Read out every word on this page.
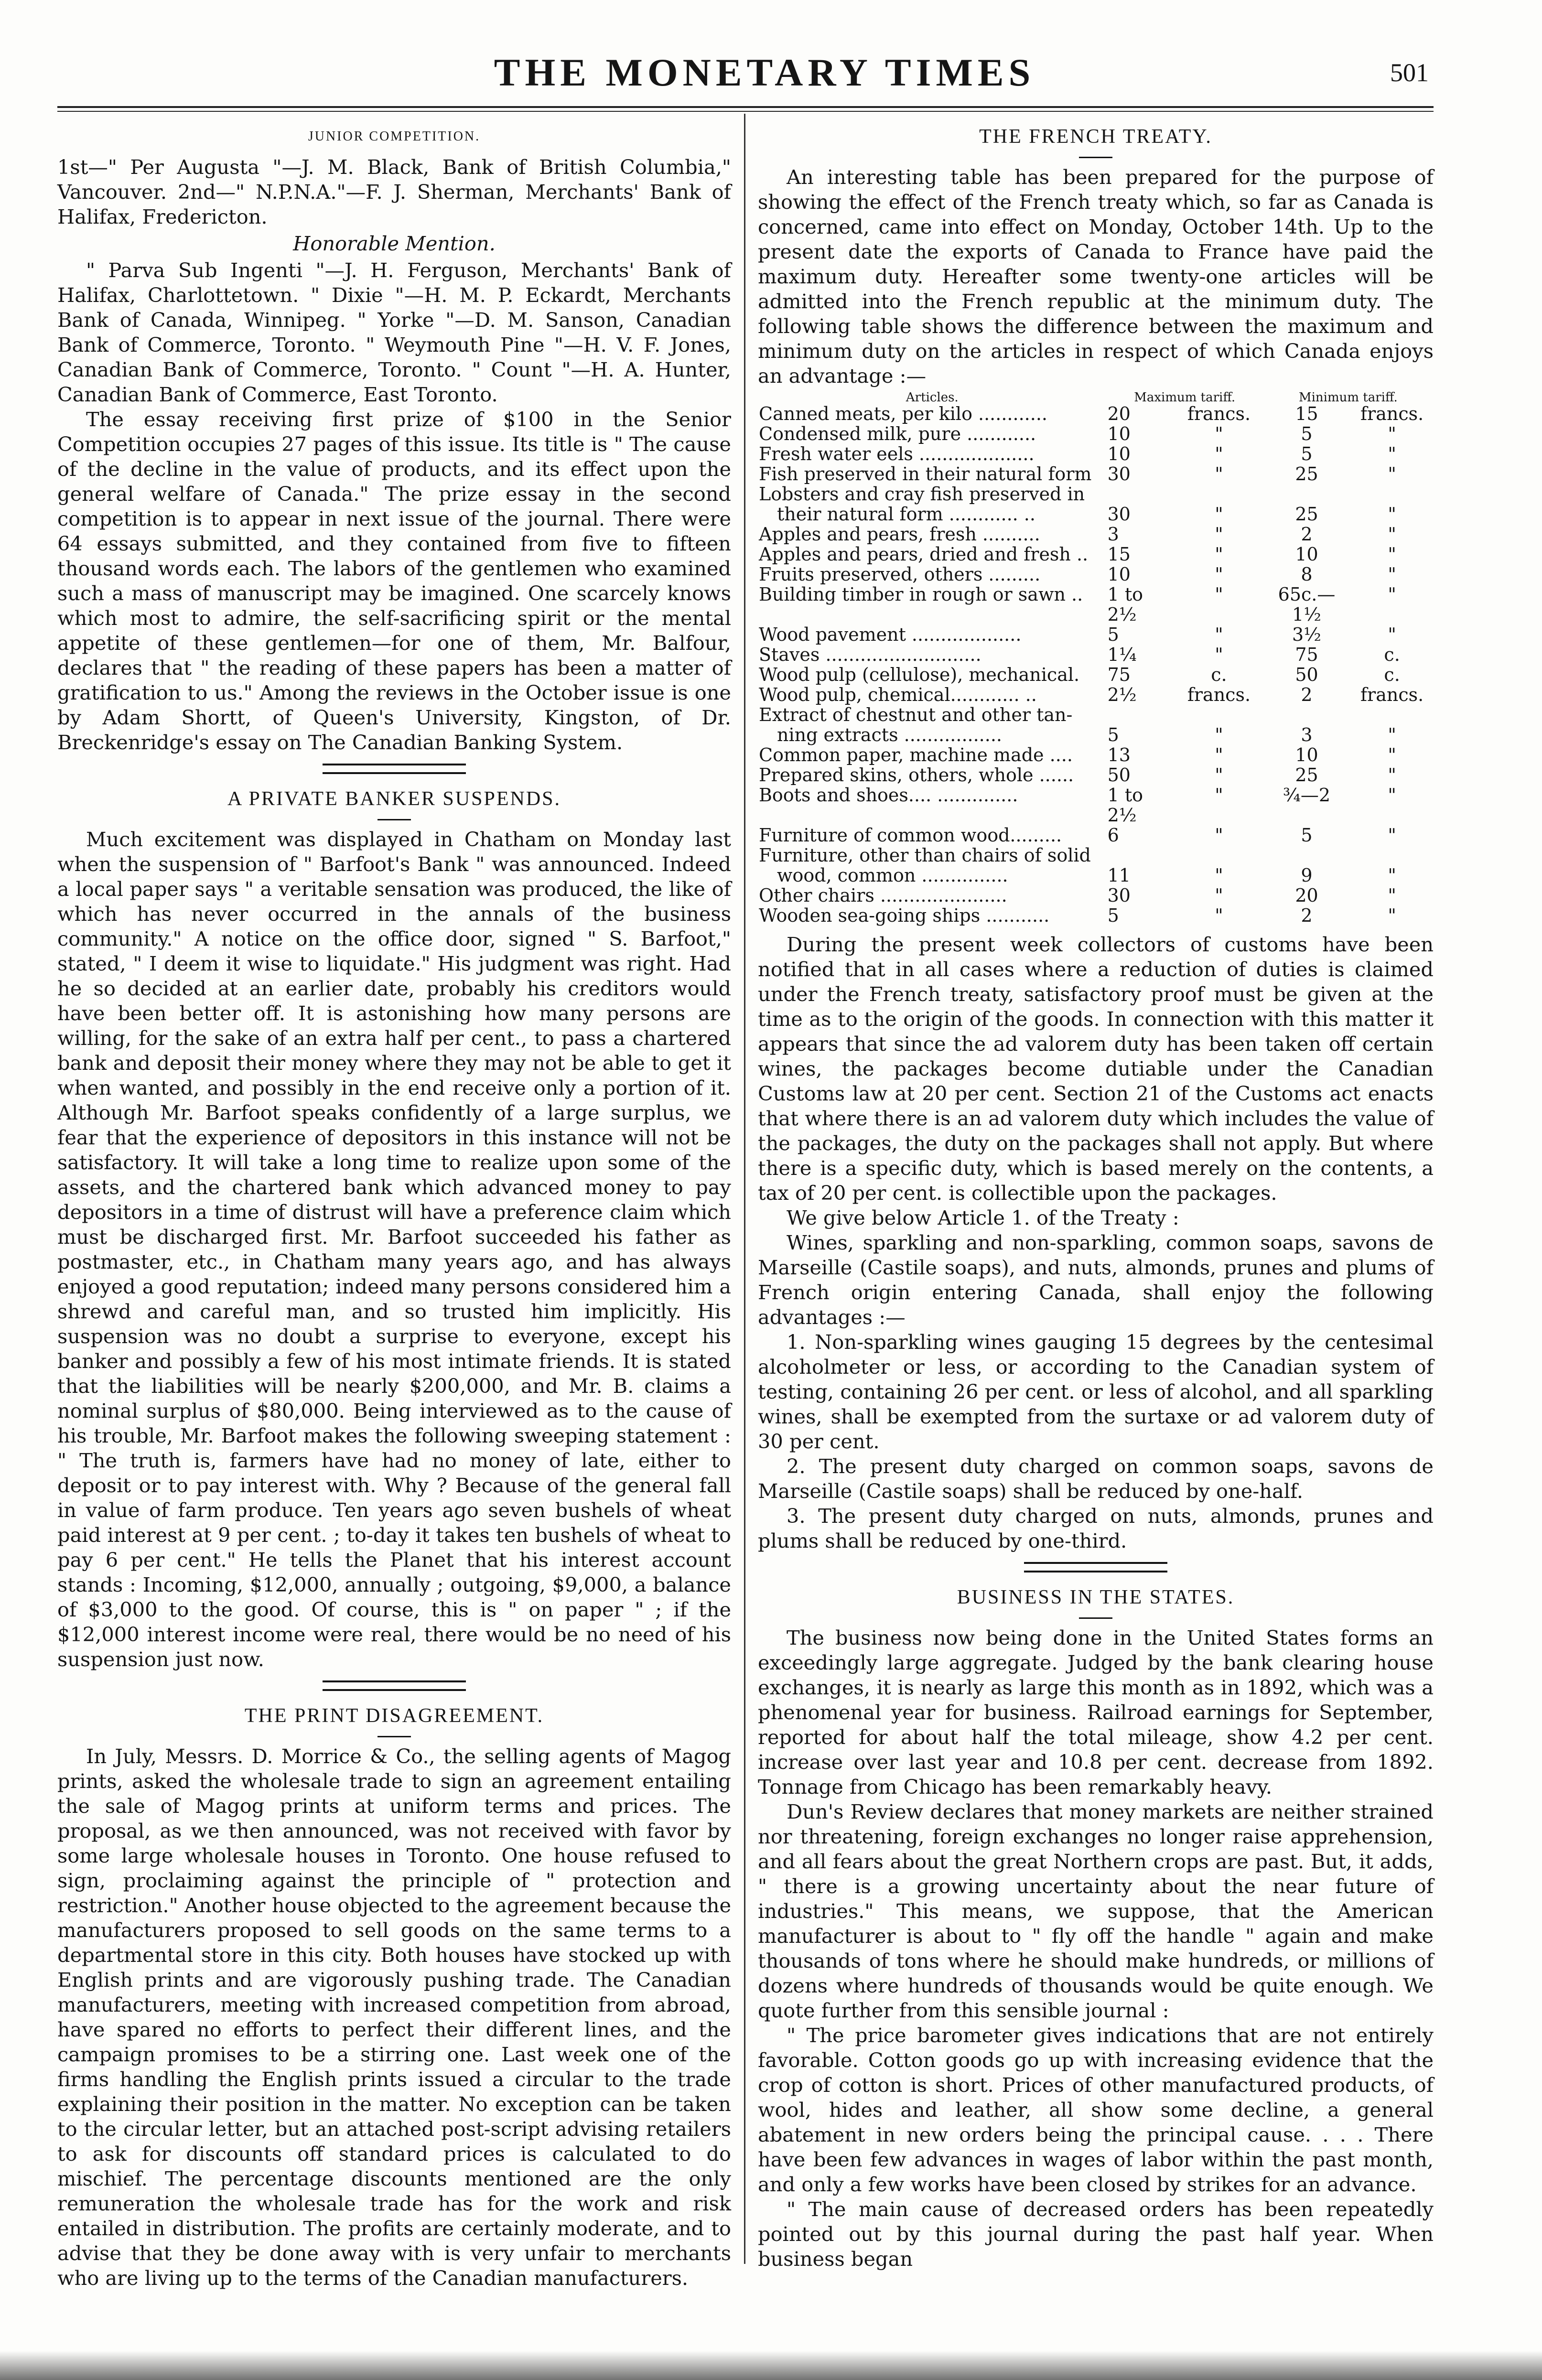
THE MONETARY TIMES	501
JUNIOR COMPETITION.

1st—" Per Augusta "—J. M. Black, Bank of British Columbia," Vancouver. 2nd—" N.P.N.A."—F. J. Sherman, Merchants' Bank of Halifax, Fredericton.

Honorable Mention.

" Parva Sub Ingenti "—J. H. Ferguson, Merchants' Bank of Halifax, Charlottetown. " Dixie "—H. M. P. Eckardt, Merchants Bank of Canada, Winnipeg. " Yorke "—D. M. Sanson, Canadian Bank of Commerce, Toronto. " Weymouth Pine "—H. V. F. Jones, Canadian Bank of Commerce, Toronto. " Count "—H. A. Hunter, Canadian Bank of Commerce, East Toronto.

The essay receiving first prize of $100 in the Senior Competition occupies 27 pages of this issue. Its title is " The cause of the decline in the value of products, and its effect upon the general welfare of Canada." The prize essay in the second competition is to appear in next issue of the journal. There were 64 essays submitted, and they contained from five to fifteen thousand words each. The labors of the gentlemen who examined such a mass of manuscript may be imagined. One scarcely knows which most to admire, the self-sacrificing spirit or the mental appetite of these gentlemen—for one of them, Mr. Balfour, declares that " the reading of these papers has been a matter of gratification to us." Among the reviews in the October issue is one by Adam Shortt, of Queen's University, Kingston, of Dr. Breckenridge's essay on The Canadian Banking System.

A PRIVATE BANKER SUSPENDS.

Much excitement was displayed in Chatham on Monday last when the suspension of " Barfoot's Bank " was announced. Indeed a local paper says " a veritable sensation was produced, the like of which has never occurred in the annals of the business community." A notice on the office door, signed " S. Barfoot," stated, " I deem it wise to liquidate." His judgment was right. Had he so decided at an earlier date, probably his creditors would have been better off. It is astonishing how many persons are willing, for the sake of an extra half per cent., to pass a chartered bank and deposit their money where they may not be able to get it when wanted, and possibly in the end receive only a portion of it. Although Mr. Barfoot speaks confidently of a large surplus, we fear that the experience of depositors in this instance will not be satisfactory. It will take a long time to realize upon some of the assets, and the chartered bank which advanced money to pay depositors in a time of distrust will have a preference claim which must be discharged first. Mr. Barfoot succeeded his father as postmaster, etc., in Chatham many years ago, and has always enjoyed a good reputation; indeed many persons considered him a shrewd and careful man, and so trusted him implicitly. His suspension was no doubt a surprise to everyone, except his banker and possibly a few of his most intimate friends. It is stated that the liabilities will be nearly $200,000, and Mr. B. claims a nominal surplus of $80,000. Being interviewed as to the cause of his trouble, Mr. Barfoot makes the following sweeping statement : " The truth is, farmers have had no money of late, either to deposit or to pay interest with. Why ? Because of the general fall in value of farm produce. Ten years ago seven bushels of wheat paid interest at 9 per cent. ; to-day it takes ten bushels of wheat to pay 6 per cent." He tells the Planet that his interest account stands : Incoming, $12,000, annually ; outgoing, $9,000, a balance of $3,000 to the good. Of course, this is " on paper " ; if the $12,000 interest income were real, there would be no need of his suspension just now.

THE PRINT DISAGREEMENT.

In July, Messrs. D. Morrice & Co., the selling agents of Magog prints, asked the wholesale trade to sign an agreement entailing the sale of Magog prints at uniform terms and prices. The proposal, as we then announced, was not received with favor by some large wholesale houses in Toronto. One house refused to sign, proclaiming against the principle of " protection and restriction." Another house objected to the agreement because the manufacturers proposed to sell goods on the same terms to a departmental store in this city. Both houses have stocked up with English prints and are vigorously pushing trade. The Canadian manufacturers, meeting with increased competition from abroad, have spared no efforts to perfect their different lines, and the campaign promises to be a stirring one. Last week one of the firms handling the English prints issued a circular to the trade explaining their position in the matter. No exception can be taken to the circular letter, but an attached post-script advising retailers to ask for discounts off standard prices is calculated to do mischief. The percentage discounts mentioned are the only remuneration the wholesale trade has for the work and risk entailed in distribution. The profits are certainly moderate, and to advise that they be done away with is very unfair to merchants who are living up to the terms of the Canadian manufacturers.

THE FRENCH TREATY.

An interesting table has been prepared for the purpose of showing the effect of the French treaty which, so far as Canada is concerned, came into effect on Monday, October 14th. Up to the present date the exports of Canada to France have paid the maximum duty. Hereafter some twenty-one articles will be admitted into the French republic at the minimum duty. The following table shows the difference between the maximum and minimum duty on the articles in respect of which Canada enjoys an advantage :—

Articles.	Maximum tariff.		Minimum tariff.	
Canned meats, per kilo ............	20	francs.	15	francs.
Condensed milk, pure ............	10	"	5	"
Fresh water eels ....................	10	"	5	"
Fish preserved in their natural form	30	"	25	"
Lobsters and cray fish preserved in				
their natural form ............ ..	30	"	25	"
Apples and pears, fresh ..........	3	"	2	"
Apples and pears, dried and fresh ..	15	"	10	"
Fruits preserved, others .........	10	"	8	"
Building timber in rough or sawn ..	1 to 2½	"	65c.—1½	"
Wood pavement ...................	5	"	3½	"
Staves ...........................	1¼	"	75	c.
Wood pulp (cellulose), mechanical.	75	c.	50	c.
Wood pulp, chemical............ ..	2½	francs.	2	francs.
Extract of chestnut and other tan-				
ning extracts .................	5	"	3	"
Common paper, machine made ....	13	"	10	"
Prepared skins, others, whole ......	50	"	25	"
Boots and shoes.... ..............	1 to 2½	"	¾—2	"
Furniture of common wood.........	6	"	5	"
Furniture, other than chairs of solid				
wood, common ...............	11	"	9	"
Other chairs ......................	30	"	20	"
Wooden sea-going ships ...........	5	"	2	"

During the present week collectors of customs have been notified that in all cases where a reduction of duties is claimed under the French treaty, satisfactory proof must be given at the time as to the origin of the goods. In connection with this matter it appears that since the ad valorem duty has been taken off certain wines, the packages become dutiable under the Canadian Customs law at 20 per cent. Section 21 of the Customs act enacts that where there is an ad valorem duty which includes the value of the packages, the duty on the packages shall not apply. But where there is a specific duty, which is based merely on the contents, a tax of 20 per cent. is collectible upon the packages.

We give below Article 1. of the Treaty :

Wines, sparkling and non-sparkling, common soaps, savons de Marseille (Castile soaps), and nuts, almonds, prunes and plums of French origin entering Canada, shall enjoy the following advantages :—

1. Non-sparkling wines gauging 15 degrees by the centesimal alcoholmeter or less, or according to the Canadian system of testing, containing 26 per cent. or less of alcohol, and all sparkling wines, shall be exempted from the surtaxe or ad valorem duty of 30 per cent.

2. The present duty charged on common soaps, savons de Marseille (Castile soaps) shall be reduced by one-half.

3. The present duty charged on nuts, almonds, prunes and plums shall be reduced by one-third.

BUSINESS IN THE STATES.

The business now being done in the United States forms an exceedingly large aggregate. Judged by the bank clearing house exchanges, it is nearly as large this month as in 1892, which was a phenomenal year for business. Railroad earnings for September, reported for about half the total mileage, show 4.2 per cent. increase over last year and 10.8 per cent. decrease from 1892. Tonnage from Chicago has been remarkably heavy.

Dun's Review declares that money markets are neither strained nor threatening, foreign exchanges no longer raise apprehension, and all fears about the great Northern crops are past. But, it adds, " there is a growing uncertainty about the near future of industries." This means, we suppose, that the American manufacturer is about to " fly off the handle " again and make thousands of tons where he should make hundreds, or millions of dozens where hundreds of thousands would be quite enough. We quote further from this sensible journal :

" The price barometer gives indications that are not entirely favorable. Cotton goods go up with increasing evidence that the crop of cotton is short. Prices of other manufactured products, of wool, hides and leather, all show some decline, a general abatement in new orders being the principal cause. . . . There have been few advances in wages of labor within the past month, and only a few works have been closed by strikes for an advance.

" The main cause of decreased orders has been repeatedly pointed out by this journal during the past half year. When business began
